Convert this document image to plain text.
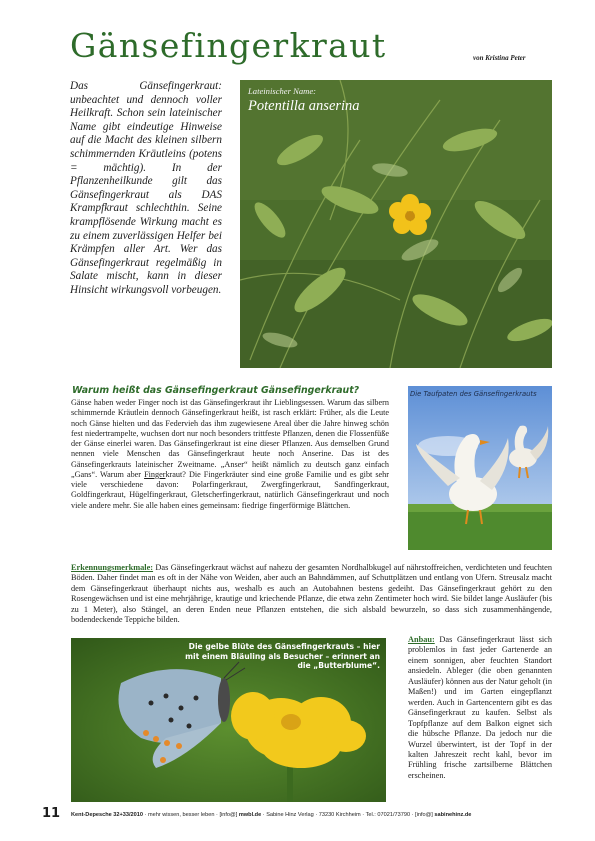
Gänsefingerkraut	von Kristina Peter

Das Gänsefingerkraut: unbeachtet und dennoch voller Heilkraft. Schon sein lateinischer Name gibt eindeutige Hinweise auf die Macht des kleinen silbern schimmernden Kräutleins (potens = mächtig). In der Pflanzenheilkunde gilt das Gänsefingerkraut als DAS Krampfkraut schlechthin. Seine krampflösende Wirkung macht es zu einem zuverlässigen Helfer bei Krämpfen aller Art. Wer das Gänsefingerkraut regelmäßig in Salate mischt, kann in dieser Hinsicht wirkungsvoll vorbeugen.

Lateinischer Name:
Potentilla anserina
Warum heißt das Gänsefingerkraut Gänsefingerkraut?

Gänse haben weder Finger noch ist das Gänsefingerkraut ihr Lieblingsessen. Warum das silbern schimmernde Kräutlein dennoch Gänsefingerkraut heißt, ist rasch erklärt: Früher, als die Leute noch Gänse hielten und das Federvieh das ihm zugewiesene Areal über die Jahre hinweg schön fest niedertrampelte, wuchsen dort nur noch besonders trittfeste Pflanzen, denen die Flossenfüße der Gänse einerlei waren. Das Gänsefingerkraut ist eine dieser Pflanzen. Aus demselben Grund nennen viele Menschen das Gänsefingerkraut heute noch Anserine. Das ist des Gänsefingerkrauts lateinischer Zweitname. „Anser“ heißt nämlich zu deutsch ganz einfach „Gans“. Warum aber Fingerkraut? Die Fingerkräuter sind eine große Familie und es gibt sehr viele verschiedene davon: Polarfingerkraut, Zwergfingerkraut, Sandfingerkraut, Goldfingerkraut, Hügelfingerkraut, Gletscherfingerkraut, natürlich Gänsefingerkraut und noch viele andere mehr. Sie alle haben eines gemeinsam: fiedrige fingerförmige Blättchen.

Die Taufpaten des Gänsefingerkrauts

Erkennungsmerkmale: Das Gänsefingerkraut wächst auf nahezu der gesamten Nordhalbkugel auf nährstoffreichen, verdichteten und feuchten Böden. Daher findet man es oft in der Nähe von Weiden, aber auch an Bahndämmen, auf Schuttplätzen und entlang von Ufern. Streusalz macht dem Gänsefingerkraut überhaupt nichts aus, weshalb es auch an Autobahnen bestens gedeiht. Das Gänsefingerkraut gehört zu den Rosengewächsen und ist eine mehrjährige, krautige und kriechende Pflanze, die etwa zehn Zentimeter hoch wird. Sie bildet lange Ausläufer (bis zu 1 Meter), also Stängel, an deren Enden neue Pflanzen entstehen, die sich alsbald bewurzeln, so dass sich zusammenhängende, bodendeckende Teppiche bilden.

Die gelbe Blüte des Gänsefingerkrauts – hier mit einem Bläuling als Besucher – erinnert an die „Butterblume“.

Anbau: Das Gänsefingerkraut lässt sich problemlos in fast jeder Gartenerde an einem sonnigen, aber feuchten Standort ansiedeln. Ableger (die oben genannten Ausläufer) können aus der Natur geholt (in Maßen!) und im Garten eingepflanzt werden. Auch in Gartencentern gibt es das Gänsefingerkraut zu kaufen. Selbst als Topfpflanze auf dem Balkon eignet sich die hübsche Pflanze. Da jedoch nur die Wurzel überwintert, ist der Topf in der kalten Jahreszeit recht kahl, bevor im Frühling frische zartsilberne Blättchen erscheinen.

11 Kent-Depesche 32+33/2010 · mehr wissen, besser leben · [info@] mwbl.de · Sabine Hinz Verlag · 73230 Kirchheim · Tel.: 07021/73790 · [info@] sabinehinz.de
